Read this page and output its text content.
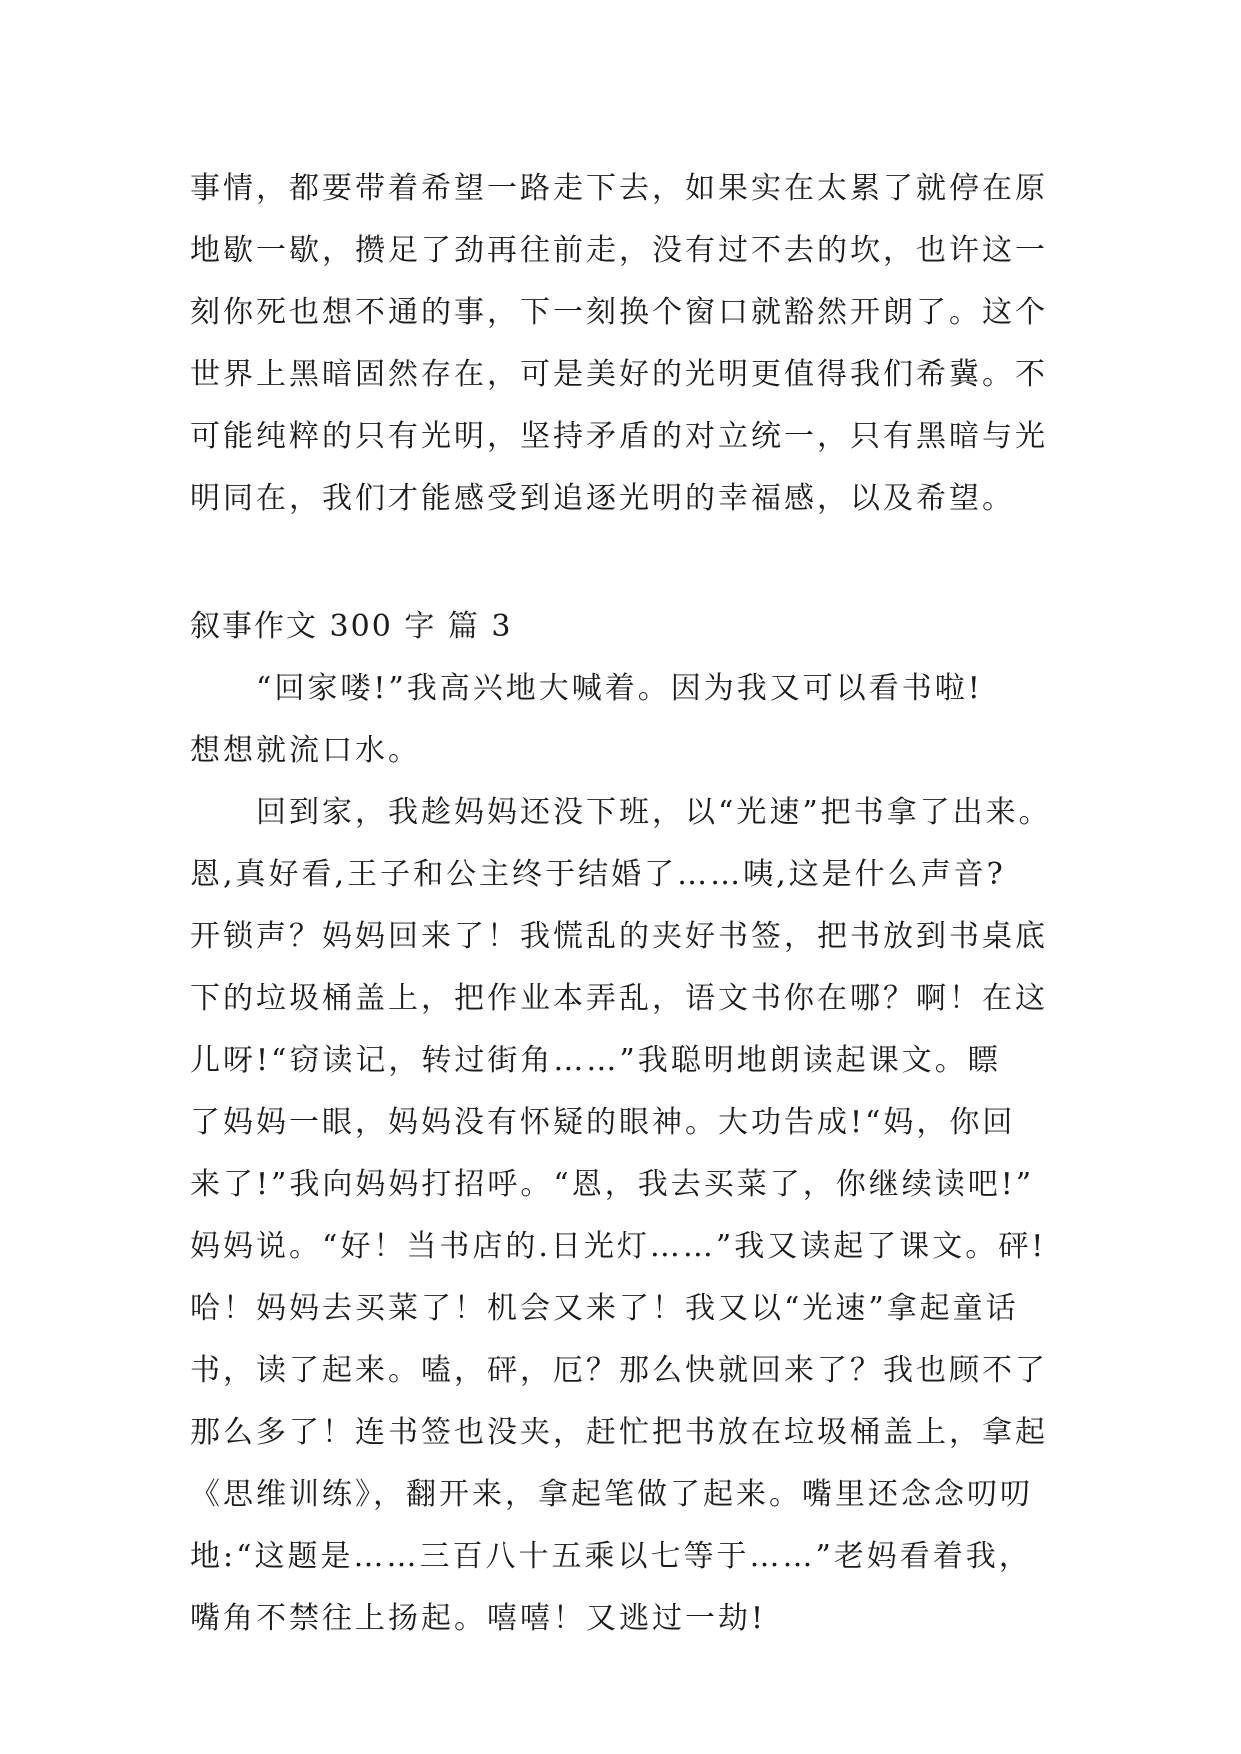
事情，都要带着希望一路走下去，如果实在太累了就停在原
地歇一歇，攒足了劲再往前走，没有过不去的坎，也许这一
刻你死也想不通的事，下一刻换个窗口就豁然开朗了。这个
世界上黑暗固然存在，可是美好的光明更值得我们希冀。不
可能纯粹的只有光明，坚持矛盾的对立统一，只有黑暗与光
明同在，我们才能感受到追逐光明的幸福感，以及希望。
叙事作文 300 字 篇 3
“回家喽!”我高兴地大喊着。因为我又可以看书啦!
想想就流口水。
回到家，我趁妈妈还没下班，以“光速”把书拿了出来。
恩,真好看,王子和公主终于结婚了……咦,这是什么声音?
开锁声？妈妈回来了！我慌乱的夹好书签，把书放到书桌底
下的垃圾桶盖上，把作业本弄乱，语文书你在哪？啊！在这
儿呀!“窃读记，转过街角……”我聪明地朗读起课文。瞟
了妈妈一眼，妈妈没有怀疑的眼神。大功告成!“妈，你回
来了!”我向妈妈打招呼。“恩，我去买菜了，你继续读吧!”
妈妈说。“好！当书店的.日光灯……”我又读起了课文。砰!
哈！妈妈去买菜了！机会又来了！我又以“光速”拿起童话
书，读了起来。嗑，砰，厄？那么快就回来了？我也顾不了
那么多了！连书签也没夹，赶忙把书放在垃圾桶盖上，拿起
《思维训练》，翻开来，拿起笔做了起来。嘴里还念念叨叨
地:“这题是……三百八十五乘以七等于……”老妈看着我，
嘴角不禁往上扬起。嘻嘻！又逃过一劫!
